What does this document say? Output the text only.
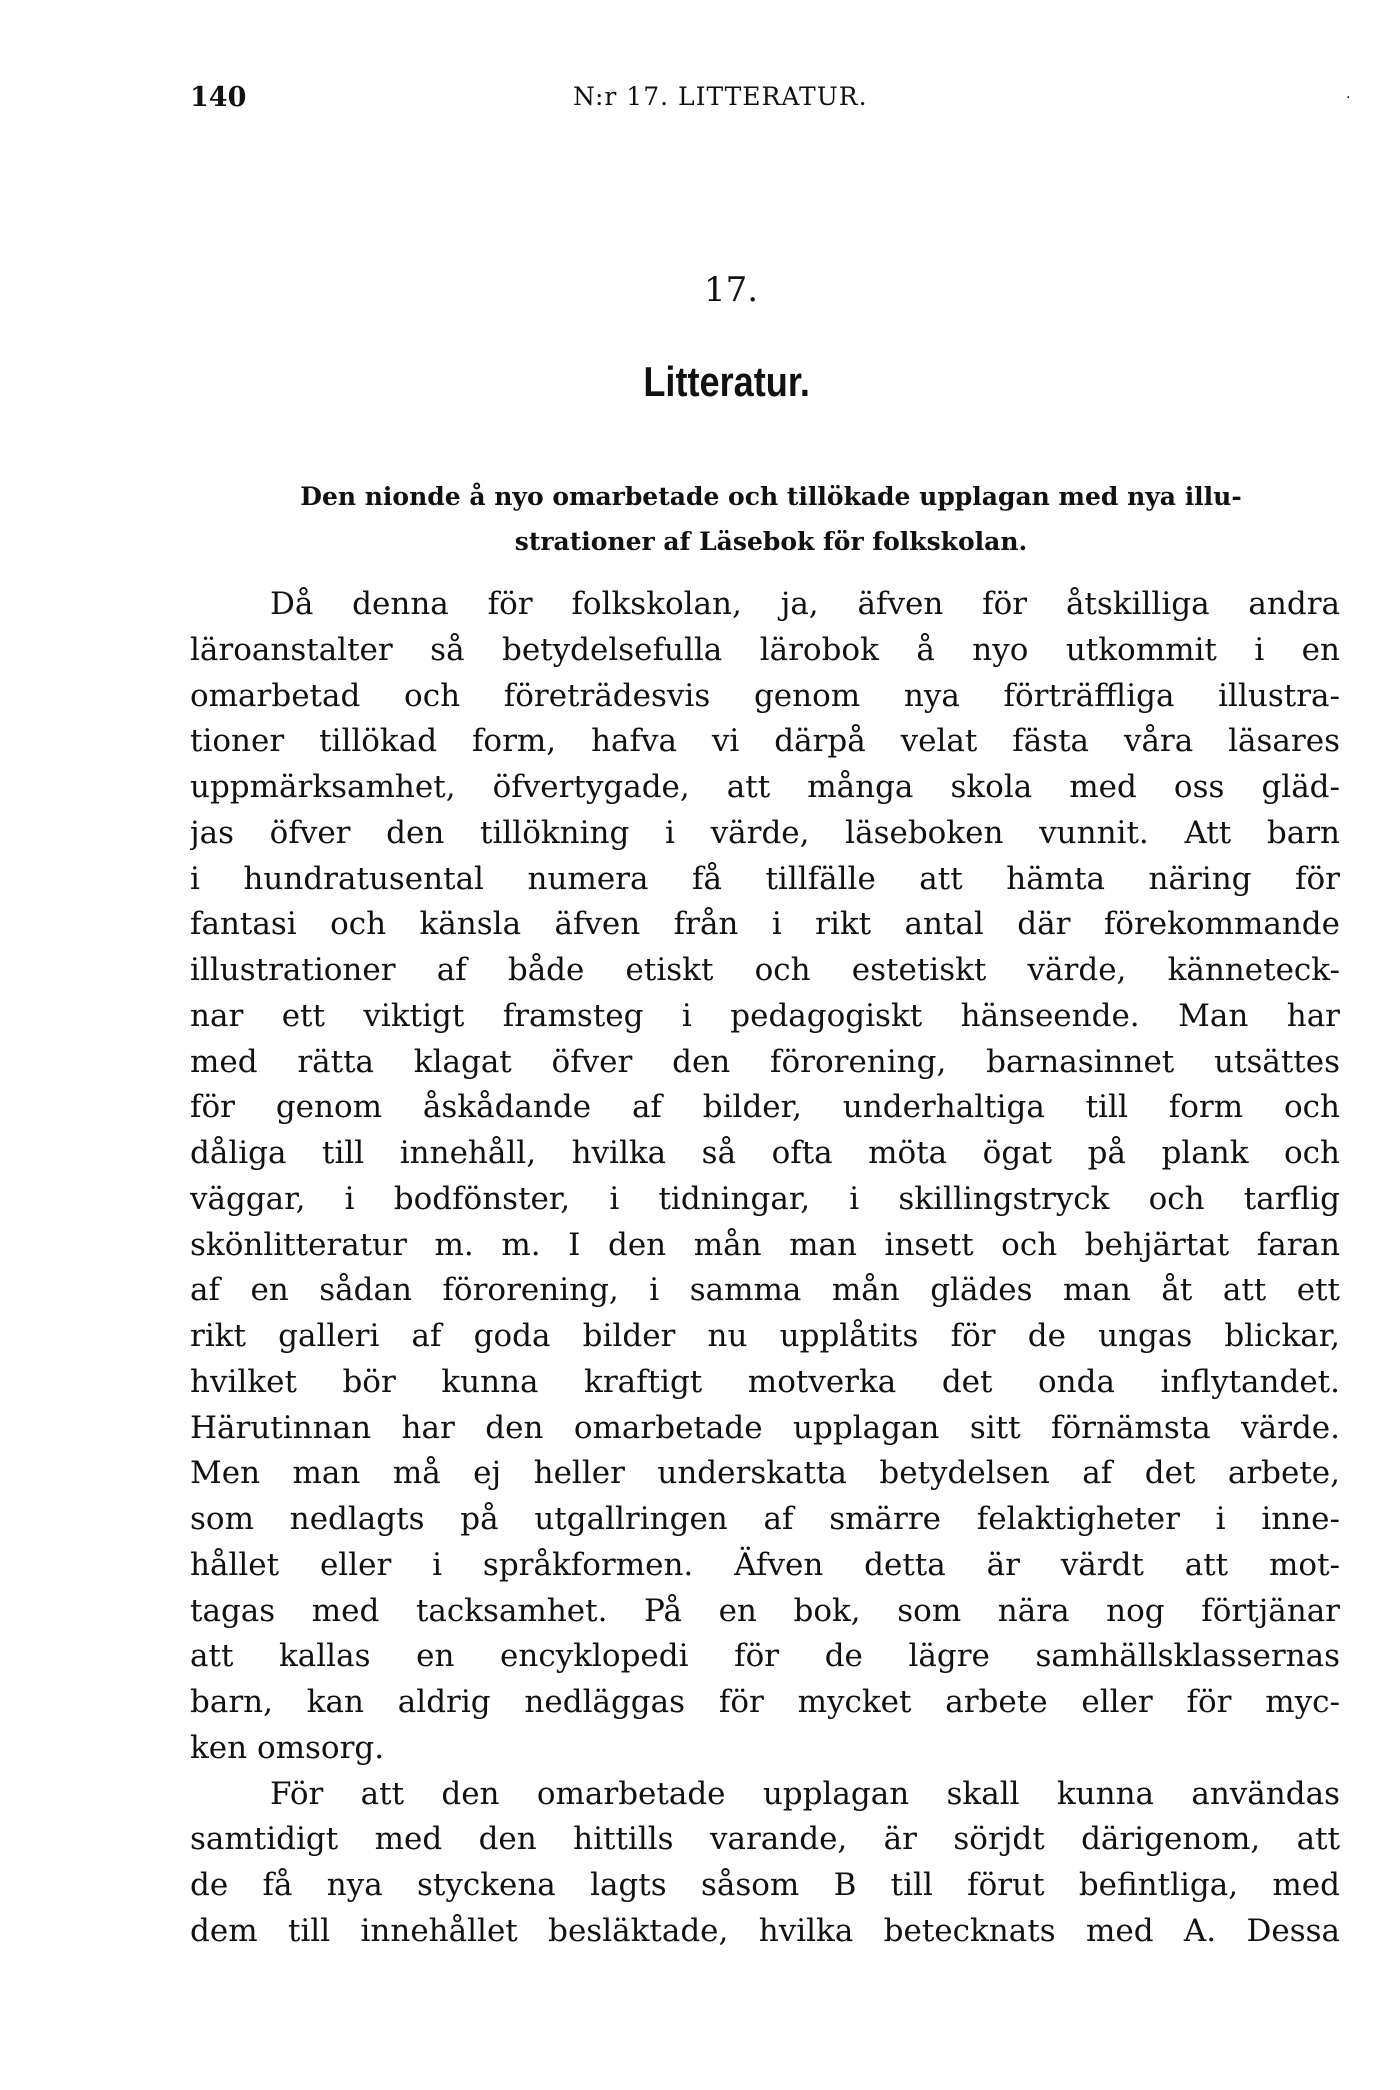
140	N:r 17. LITTERATUR.	·
17.
Litteratur.
Den nionde å nyo omarbetade och tillökade upplagan med nya illu-
strationer af Läsebok för folkskolan.
Då denna för folkskolan, ja, äfven för åtskilliga andra
läroanstalter så betydelsefulla lärobok å nyo utkommit i en
omarbetad och företrädesvis genom nya förträffliga illustra-
tioner tillökad form, hafva vi därpå velat fästa våra läsares
uppmärksamhet, öfvertygade, att många skola med oss gläd-
jas öfver den tillökning i värde, läseboken vunnit. Att barn
i hundratusental numera få tillfälle att hämta näring för
fantasi och känsla äfven från i rikt antal där förekommande
illustrationer af både etiskt och estetiskt värde, känneteck-
nar ett viktigt framsteg i pedagogiskt hänseende. Man har
med rätta klagat öfver den förorening, barnasinnet utsättes
för genom åskådande af bilder, underhaltiga till form och
dåliga till innehåll, hvilka så ofta möta ögat på plank och
väggar, i bodfönster, i tidningar, i skillingstryck och tarflig
skönlitteratur m. m. I den mån man insett och behjärtat faran
af en sådan förorening, i samma mån glädes man åt att ett
rikt galleri af goda bilder nu upplåtits för de ungas blickar,
hvilket bör kunna kraftigt motverka det onda inflytandet.
Härutinnan har den omarbetade upplagan sitt förnämsta värde.
Men man må ej heller underskatta betydelsen af det arbete,
som nedlagts på utgallringen af smärre felaktigheter i inne-
hållet eller i språkformen. Äfven detta är värdt att mot-
tagas med tacksamhet. På en bok, som nära nog förtjänar
att kallas en encyklopedi för de lägre samhällsklassernas
barn, kan aldrig nedläggas för mycket arbete eller för myc-
ken omsorg.
För att den omarbetade upplagan skall kunna användas
samtidigt med den hittills varande, är sörjdt därigenom, att
de få nya styckena lagts såsom B till förut befintliga, med
dem till innehållet besläktade, hvilka betecknats med A. Dessa
